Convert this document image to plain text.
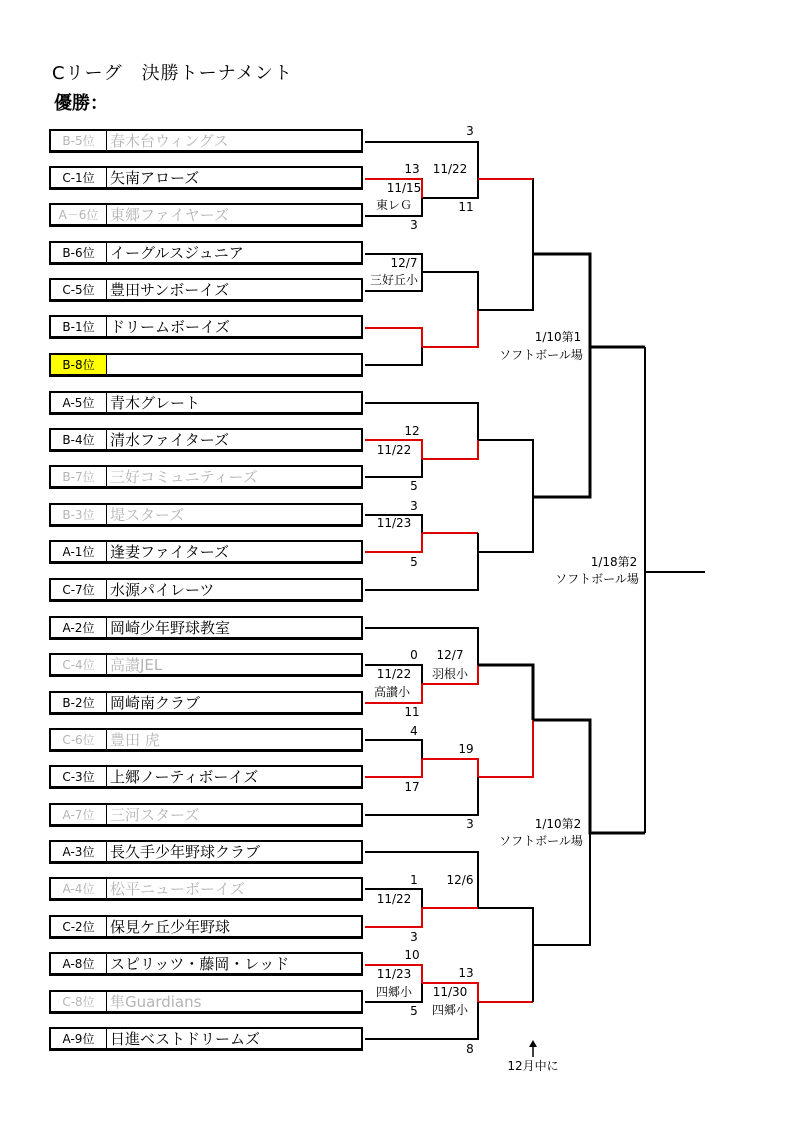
Cリーグ　決勝トーナメント
優勝：
B-5位	春木台ウィングス
C-1位	矢南アローズ
A－6位 東郷ファイヤーズ
B-6位	イーグルスジュニア
C-5位	豊田サンボーイズ
B-1位	ドリームボーイズ
B-8位
A-5位	青木グレート
B-4位	清水ファイターズ
B-7位	三好コミュニティーズ
B-3位	堤スターズ
A-1位	逢妻ファイターズ
C-7位	水源パイレーツ
A-2位	岡崎少年野球教室
C-4位	高讃JEL
B-2位	岡崎南クラブ
C-6位	豊田 虎
C-3位	上郷ノーティボーイズ
A-7位	三河スターズ
A-3位	長久手少年野球クラブ
A-4位	松平ニューボーイズ
C-2位	保見ケ丘少年野球
A-8位	スピリッツ・藤岡・レッド
C-8位	隼Guardians
A-9位	日進ベストドリームズ
3
13 11/22
11/15
東レＧ	11
3
12/7
三好丘小
1/10第1
ソフトボール場
12
11/22
5
3
11/23
5	1/18第2
ソフトボール場
0 12/7
11/22 羽根小
高讃小
11
4
19
17
3	1/10第2
ソフトボール場
1 12/6
11/22
3
10
13
11/23
四郷小 11/30
四郷小
5
8
12月中に
